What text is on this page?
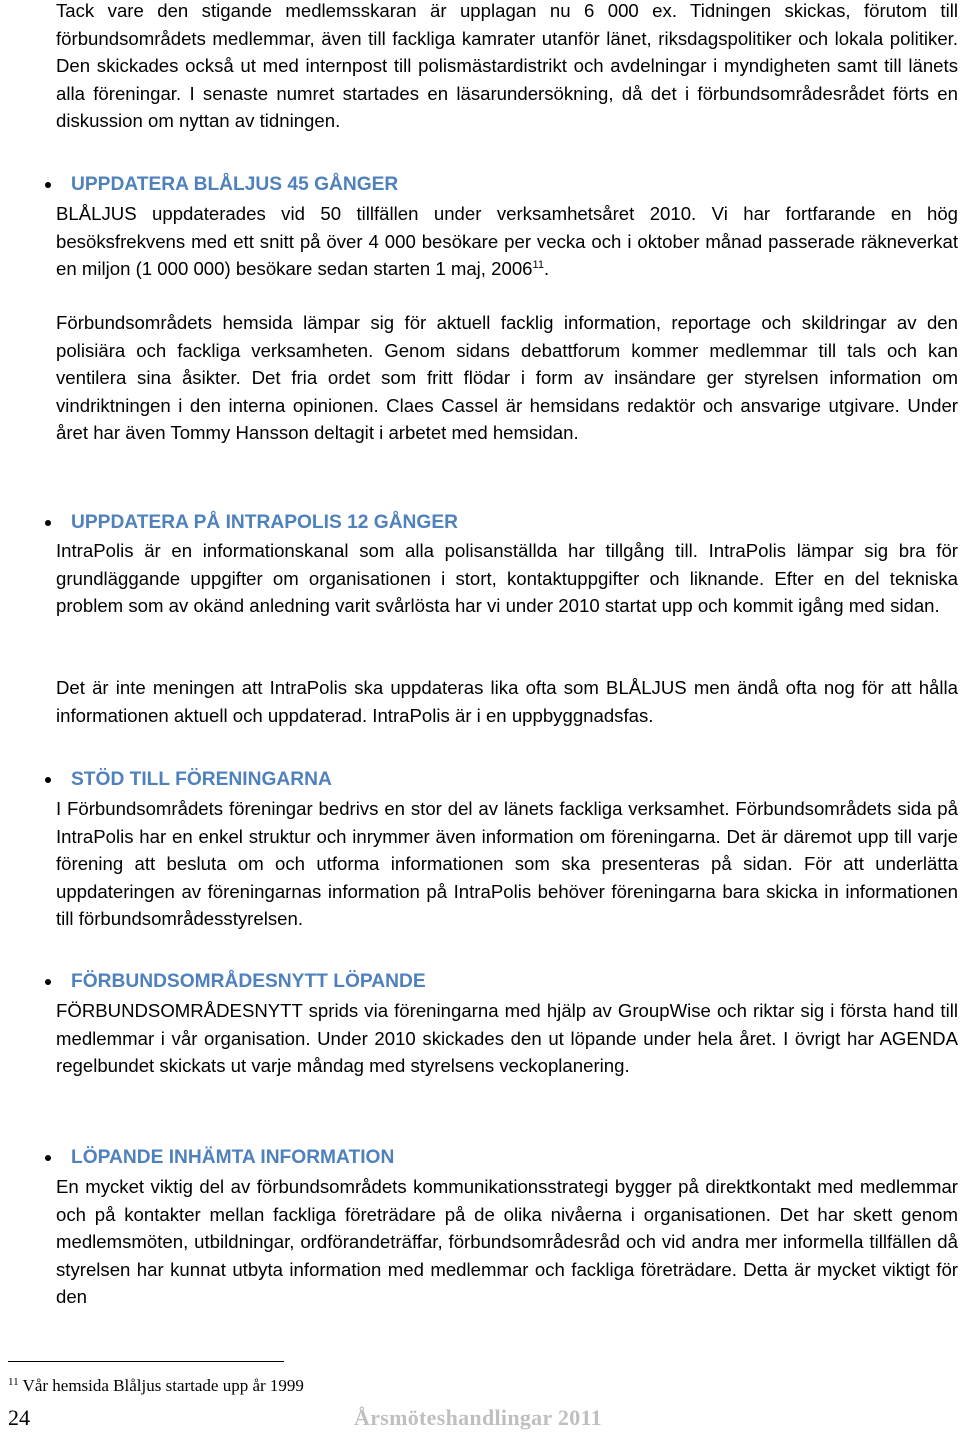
Tack vare den stigande medlemsskaran är upplagan nu 6 000 ex. Tidningen skickas, förutom till förbundsområdets medlemmar, även till fackliga kamrater utanför länet, riksdagspolitiker och lokala politiker. Den skickades också ut med internpost till polismästardistrikt och avdelningar i myndigheten samt till länets alla föreningar. I senaste numret startades en läsarundersökning, då det i förbundsområdesrådet förts en diskussion om nyttan av tidningen.

UPPDATERA BLÅLJUS 45 GÅNGER

BLÅLJUS uppdaterades vid 50 tillfällen under verksamhetsåret 2010. Vi har fortfarande en hög besöksfrekvens med ett snitt på över 4 000 besökare per vecka och i oktober månad passerade räkneverkat en miljon (1 000 000) besökare sedan starten 1 maj, 2006$^{11}$.

Förbundsområdets hemsida lämpar sig för aktuell facklig information, reportage och skildringar av den polisiära och fackliga verksamheten. Genom sidans debattforum kommer medlemmar till tals och kan ventilera sina åsikter. Det fria ordet som fritt flödar i form av insändare ger styrelsen information om vindriktningen i den interna opinionen. Claes Cassel är hemsidans redaktör och ansvarige utgivare. Under året har även Tommy Hansson deltagit i arbetet med hemsidan.

UPPDATERA PÅ INTRAPOLIS 12 GÅNGER

IntraPolis är en informationskanal som alla polisanställda har tillgång till. IntraPolis lämpar sig bra för grundläggande uppgifter om organisationen i stort, kontaktuppgifter och liknande. Efter en del tekniska problem som av okänd anledning varit svårlösta har vi under 2010 startat upp och kommit igång med sidan.

Det är inte meningen att IntraPolis ska uppdateras lika ofta som BLÅLJUS men ändå ofta nog för att hålla informationen aktuell och uppdaterad. IntraPolis är i en uppbyggnadsfas.

STÖD TILL FÖRENINGARNA

I Förbundsområdets föreningar bedrivs en stor del av länets fackliga verksamhet. Förbundsområdets sida på IntraPolis har en enkel struktur och inrymmer även information om föreningarna. Det är däremot upp till varje förening att besluta om och utforma informationen som ska presenteras på sidan. För att underlätta uppdateringen av föreningarnas information på IntraPolis behöver föreningarna bara skicka in informationen till förbundsområdesstyrelsen.

FÖRBUNDSOMRÅDESNYTT LÖPANDE

FÖRBUNDSOMRÅDESNYTT sprids via föreningarna med hjälp av GroupWise och riktar sig i första hand till medlemmar i vår organisation. Under 2010 skickades den ut löpande under hela året. I övrigt har AGENDA regelbundet skickats ut varje måndag med styrelsens veckoplanering.

LÖPANDE INHÄMTA INFORMATION

En mycket viktig del av förbundsområdets kommunikationsstrategi bygger på direktkontakt med medlemmar och på kontakter mellan fackliga företrädare på de olika nivåerna i organisationen. Det har skett genom medlemsmöten, utbildningar, ordförandeträffar, förbundsområdesråd och vid andra mer informella tillfällen då styrelsen har kunnat utbyta information med medlemmar och fackliga företrädare. Detta är mycket viktigt för den

$^{11}$ Vår hemsida Blåljus startade upp år 1999
24	Årsmöteshandlingar 2011
